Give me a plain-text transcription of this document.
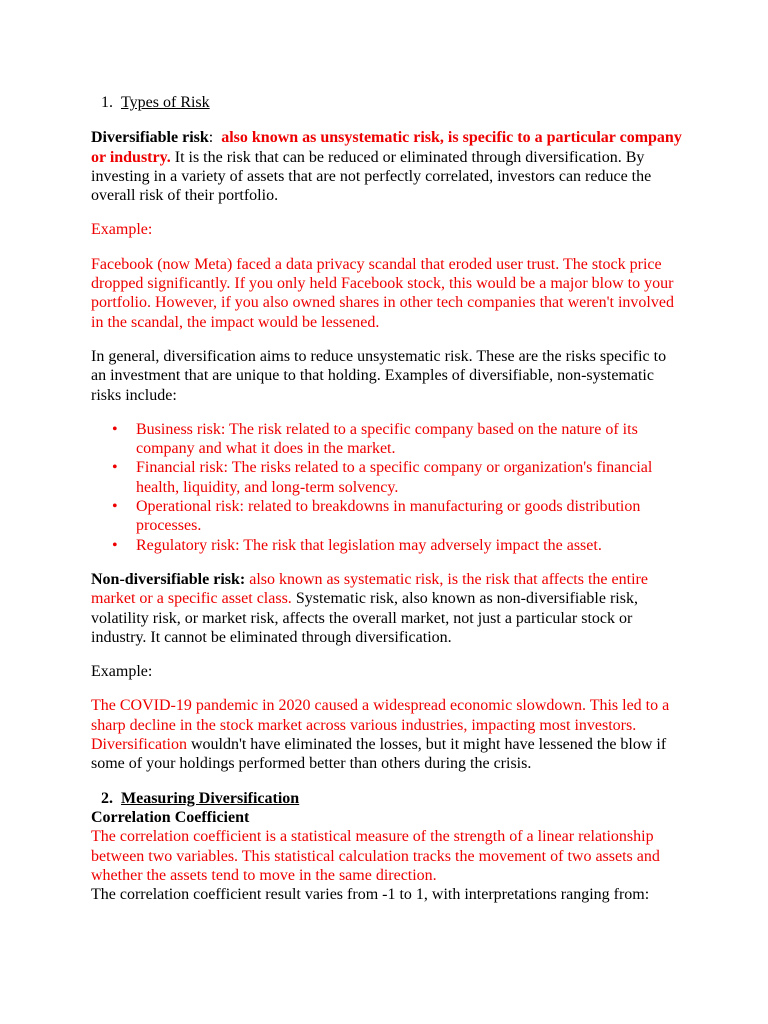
1. Types of Risk

Diversifiable risk: also known as unsystematic risk, is specific to a particular company or industry. It is the risk that can be reduced or eliminated through diversification. By investing in a variety of assets that are not perfectly correlated, investors can reduce the overall risk of their portfolio.

Example:

Facebook (now Meta) faced a data privacy scandal that eroded user trust. The stock price dropped significantly. If you only held Facebook stock, this would be a major blow to your portfolio. However, if you also owned shares in other tech companies that weren't involved in the scandal, the impact would be lessened.

In general, diversification aims to reduce unsystematic risk. These are the risks specific to an investment that are unique to that holding. Examples of diversifiable, non-systematic risks include:

• Business risk: The risk related to a specific company based on the nature of its company and what it does in the market.
• Financial risk: The risks related to a specific company or organization's financial health, liquidity, and long-term solvency.
• Operational risk: related to breakdowns in manufacturing or goods distribution processes.
• Regulatory risk: The risk that legislation may adversely impact the asset.

Non-diversifiable risk: also known as systematic risk, is the risk that affects the entire market or a specific asset class. Systematic risk, also known as non-diversifiable risk, volatility risk, or market risk, affects the overall market, not just a particular stock or industry. It cannot be eliminated through diversification.

Example:

The COVID-19 pandemic in 2020 caused a widespread economic slowdown. This led to a sharp decline in the stock market across various industries, impacting most investors. Diversification wouldn't have eliminated the losses, but it might have lessened the blow if some of your holdings performed better than others during the crisis.

2. Measuring Diversification

Correlation Coefficient

The correlation coefficient is a statistical measure of the strength of a linear relationship between two variables. This statistical calculation tracks the movement of two assets and whether the assets tend to move in the same direction.

The correlation coefficient result varies from -1 to 1, with interpretations ranging from:
